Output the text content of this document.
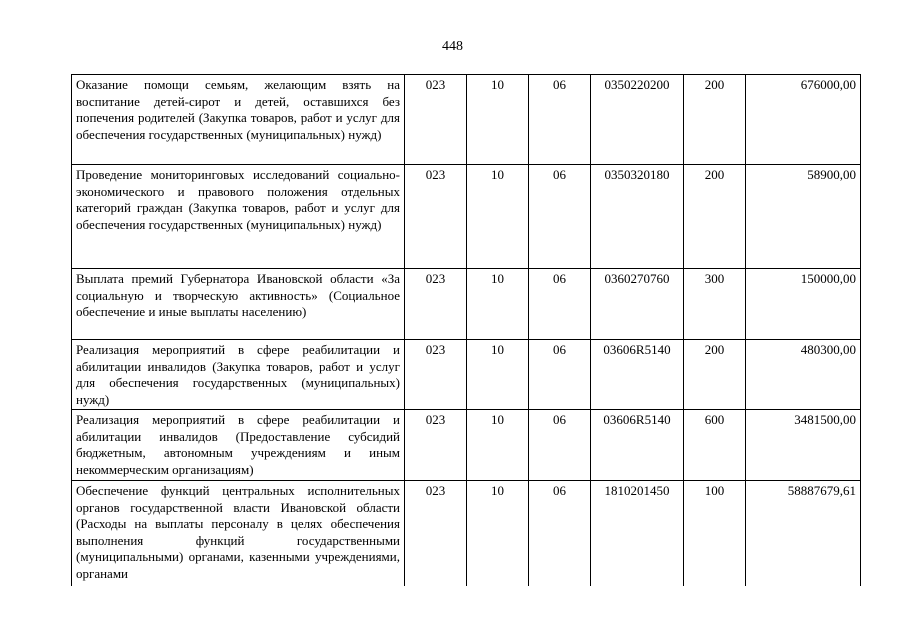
448
Оказание помощи семьям, желающим взять на воспитание детей-сирот и детей, оставшихся без попечения родителей (Закупка товаров, работ и услуг для обеспечения государственных (муниципальных) нужд)	023	10	06	0350220200	200	676000,00
Проведение мониторинговых исследований социально-экономического и правового положения отдельных категорий граждан (Закупка товаров, работ и услуг для обеспечения государственных (муниципальных) нужд)	023	10	06	0350320180	200	58900,00
Выплата премий Губернатора Ивановской области «За социальную и творческую активность» (Социальное обеспечение и иные выплаты населению)	023	10	06	0360270760	300	150000,00
Реализация мероприятий в сфере реабилитации и абилитации инвалидов (Закупка товаров, работ и услуг для обеспечения государственных (муниципальных) нужд)	023	10	06	03606R5140	200	480300,00
Реализация мероприятий в сфере реабилитации и абилитации инвалидов (Предоставление субсидий бюджетным, автономным учреждениям и иным некоммерческим организациям)	023	10	06	03606R5140	600	3481500,00
Обеспечение функций центральных исполнительных органов государственной власти Ивановской области (Расходы на выплаты персоналу в целях обеспечения выполнения функций государственными (муниципальными) органами, казенными учреждениями, органами	023	10	06	1810201450	100	58887679,61
